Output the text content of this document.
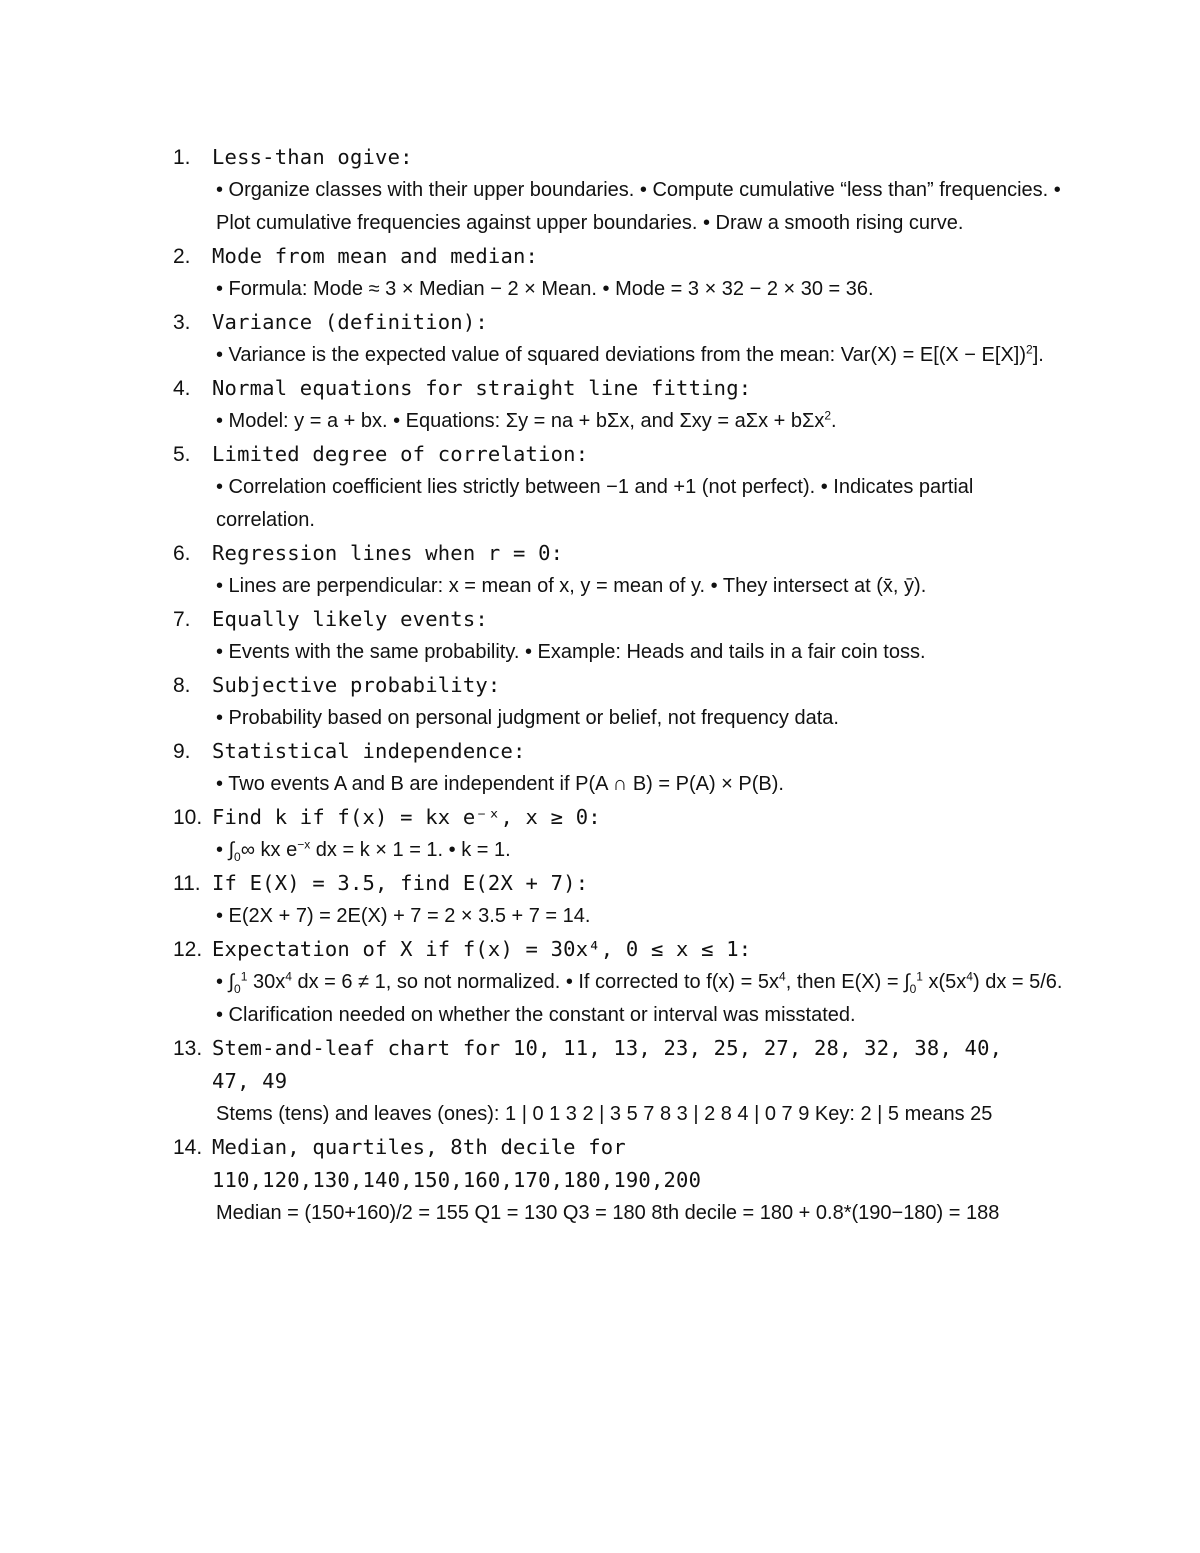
1. Less-than ogive:
• Organize classes with their upper boundaries. • Compute cumulative “less than” frequencies. • Plot cumulative frequencies against upper boundaries. • Draw a smooth rising curve.
2. Mode from mean and median:
• Formula: Mode ≈ 3 × Median − 2 × Mean. • Mode = 3 × 32 − 2 × 30 = 36.
3. Variance (definition):
• Variance is the expected value of squared deviations from the mean: $Var(X) = E[(X - E[X])^2]$.
4. Normal equations for straight line fitting:
• Model: y = a + bx. • Equations: Σy = na + bΣx, and Σxy = aΣx + bΣx$^2$.
5. Limited degree of correlation:
• Correlation coefficient lies strictly between −1 and +1 (not perfect). • Indicates partial correlation.
6. Regression lines when r = 0:
• Lines are perpendicular: x = mean of x, y = mean of y. • They intersect at (x̄, ȳ).
7. Equally likely events:
• Events with the same probability. • Example: Heads and tails in a fair coin toss.
8. Subjective probability:
• Probability based on personal judgment or belief, not frequency data.
9. Statistical independence:
• Two events A and B are independent if P(A ∩ B) = P(A) × P(B).
10. Find k if f(x) = kx e⁻ˣ, x ≥ 0:
• $\int_0\infty$ kx $e^{-x}$ dx = k × 1 = 1. • k = 1.
11. If E(X) = 3.5, find E(2X + 7):
• E(2X + 7) = 2E(X) + 7 = 2 × 3.5 + 7 = 14.
12. Expectation of X if f(x) = 30x⁴, 0 ≤ x ≤ 1:
• $\int_0^1$ $30x^4$ dx = 6 ≠ 1, so not normalized. • If corrected to $f(x) = 5x^4$, then $E(X) = \int_0^1$ $x(5x^4)$ dx = 5/6. • Clarification needed on whether the constant or interval was misstated.
13. Stem-and-leaf chart for 10, 11, 13, 23, 25, 27, 28, 32, 38, 40,
47, 49
Stems (tens) and leaves (ones): 1 | 0 1 3 2 | 3 5 7 8 3 | 2 8 4 | 0 7 9 Key: 2 | 5 means 25
14. Median, quartiles, 8th decile for
110,120,130,140,150,160,170,180,190,200
Median = (150+160)/2 = 155 Q1 = 130 Q3 = 180 8th decile = 180 + 0.8*(190−180) = 188
